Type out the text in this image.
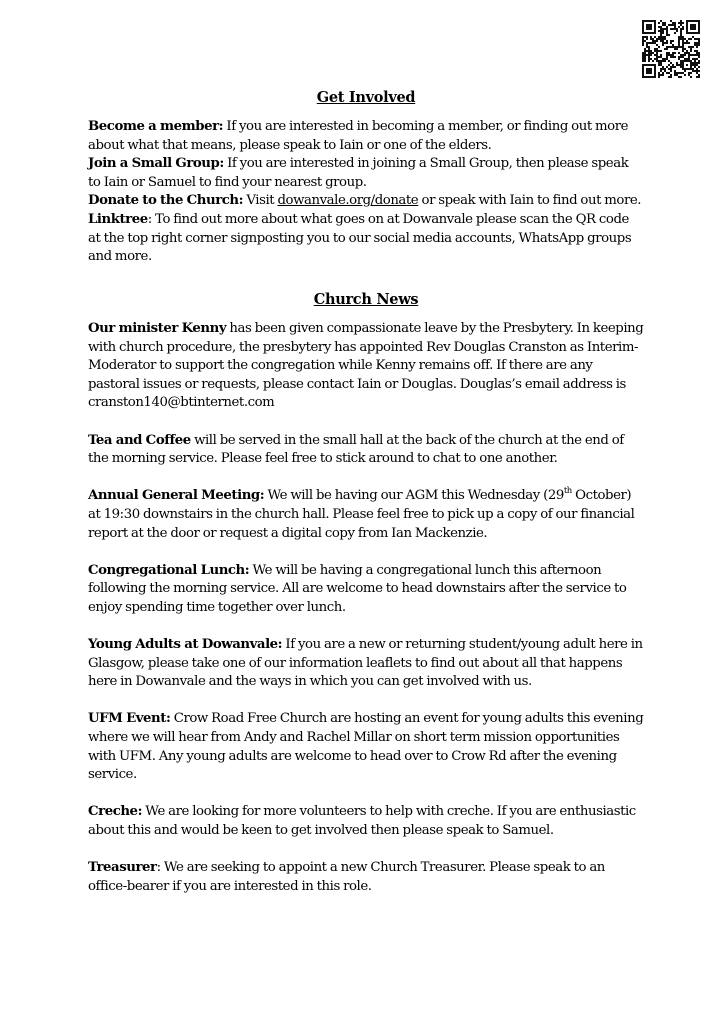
Get Involved

Become a member: If you are interested in becoming a member, or finding out more about what that means, please speak to Iain or one of the elders.

Join a Small Group: If you are interested in joining a Small Group, then please speak to Iain or Samuel to find your nearest group.

Donate to the Church: Visit dowanvale.org/donate or speak with Iain to find out more.

Linktree: To find out more about what goes on at Dowanvale please scan the QR code at the top right corner signposting you to our social media accounts, WhatsApp groups and more.

Church News

Our minister Kenny has been given compassionate leave by the Presbytery. In keeping with church procedure, the presbytery has appointed Rev Douglas Cranston as Interim-Moderator to support the congregation while Kenny remains off. If there are any pastoral issues or requests, please contact Iain or Douglas. Douglas’s email address is cranston140@btinternet.com

Tea and Coffee will be served in the small hall at the back of the church at the end of the morning service. Please feel free to stick around to chat to one another.

Annual General Meeting: We will be having our AGM this Wednesday (29th October) at 19:30 downstairs in the church hall. Please feel free to pick up a copy of our financial report at the door or request a digital copy from Ian Mackenzie.

Congregational Lunch: We will be having a congregational lunch this afternoon following the morning service. All are welcome to head downstairs after the service to enjoy spending time together over lunch.

Young Adults at Dowanvale: If you are a new or returning student/young adult here in Glasgow, please take one of our information leaflets to find out about all that happens here in Dowanvale and the ways in which you can get involved with us.

UFM Event: Crow Road Free Church are hosting an event for young adults this evening where we will hear from Andy and Rachel Millar on short term mission opportunities with UFM. Any young adults are welcome to head over to Crow Rd after the evening service.

Creche: We are looking for more volunteers to help with creche. If you are enthusiastic about this and would be keen to get involved then please speak to Samuel.

Treasurer: We are seeking to appoint a new Church Treasurer. Please speak to an office-bearer if you are interested in this role.
